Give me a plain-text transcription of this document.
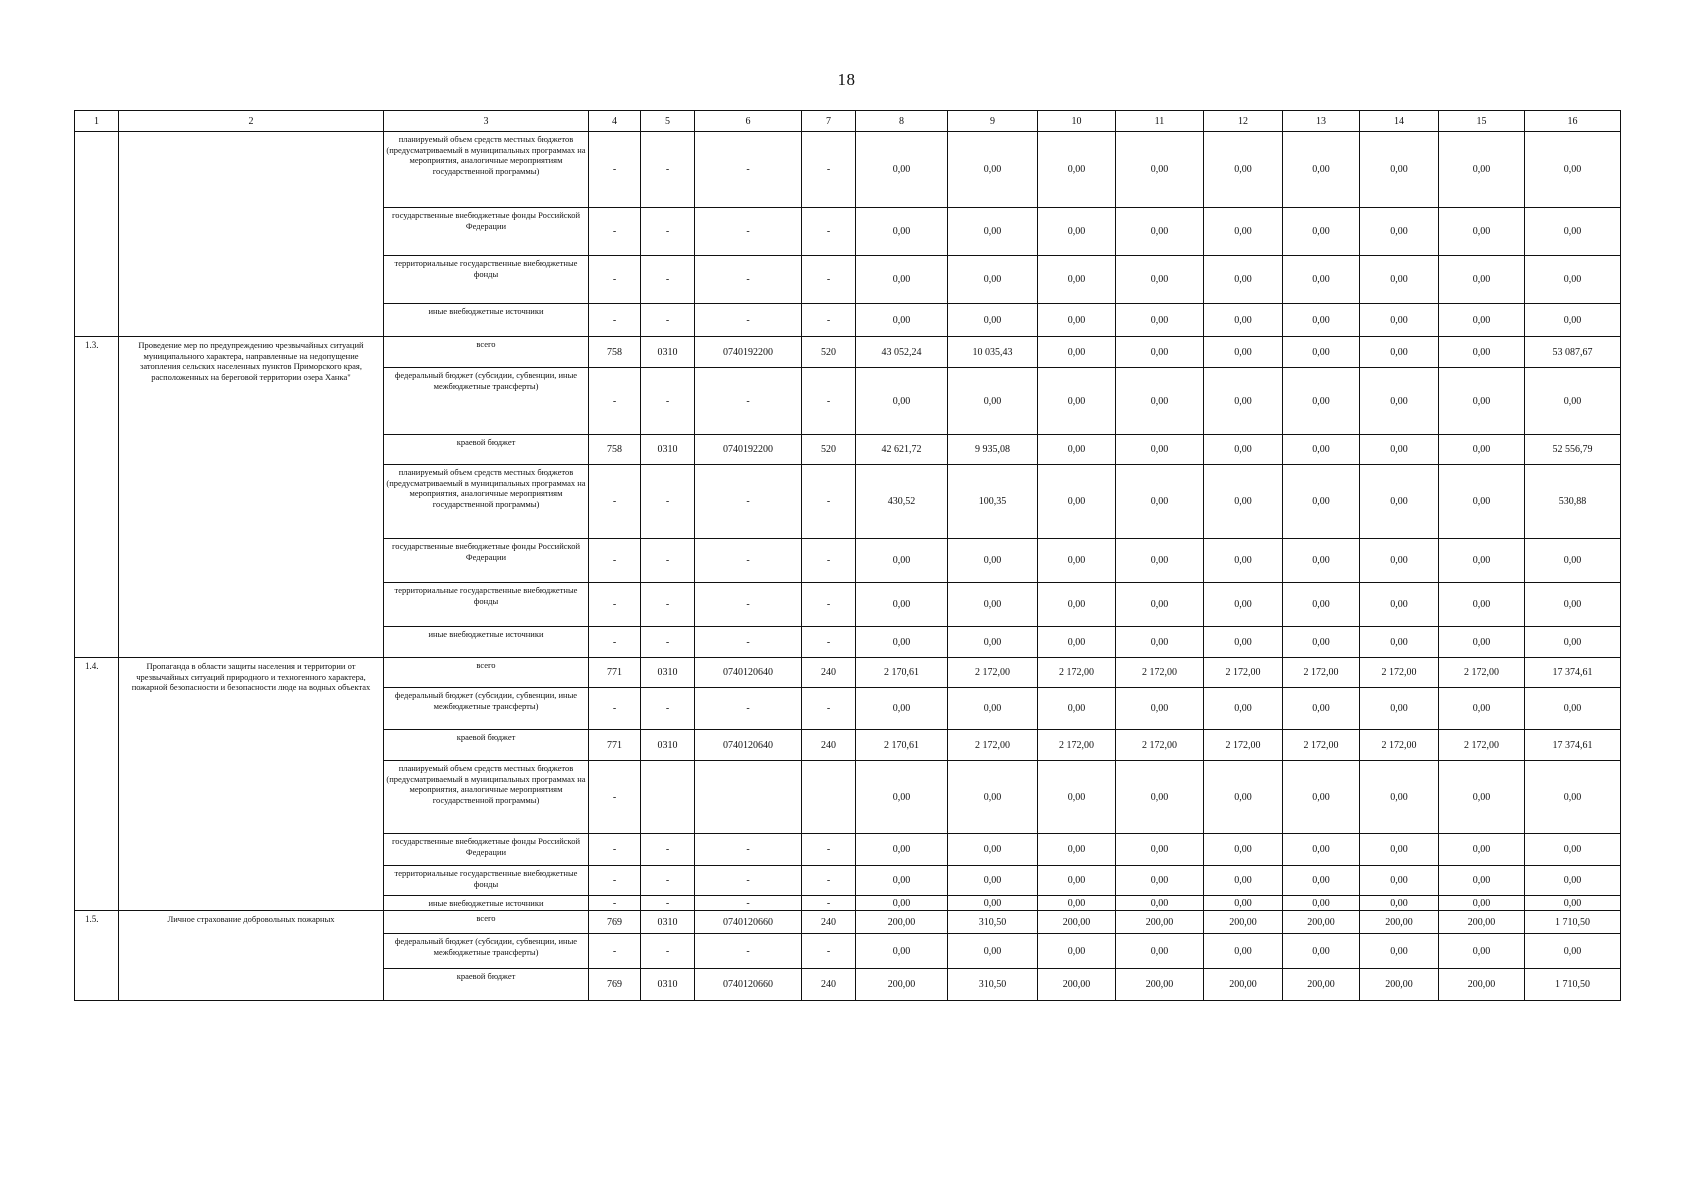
18
1	2	3	4	5	6	7	8	9	10	11	12	13	14	15	16
		планируемый объем средств местных бюджетов (предусматриваемый в муниципальных программах на мероприятия, аналогичные мероприятиям государственной программы)	-	-	-	-	0,00	0,00	0,00	0,00	0,00	0,00	0,00	0,00	0,00
		государственные внебюджетные фонды Российской Федерации	-	-	-	-	0,00	0,00	0,00	0,00	0,00	0,00	0,00	0,00	0,00
		территориальные государственные внебюджетные фонды	-	-	-	-	0,00	0,00	0,00	0,00	0,00	0,00	0,00	0,00	0,00
		иные внебюджетные источники	-	-	-	-	0,00	0,00	0,00	0,00	0,00	0,00	0,00	0,00	0,00
1.3.	Проведение мер по предупреждению чрезвычайных ситуаций муниципального характера, направленные на недопущение затопления сельских населенных пунктов Приморского края, расположенных на береговой территории озера Ханка"	всего	758	0310	0740192200	520	43 052,24	10 035,43	0,00	0,00	0,00	0,00	0,00	0,00	53 087,67
		федеральный бюджет (субсидии, субвенции, иные межбюджетные трансферты)	-	-	-	-	0,00	0,00	0,00	0,00	0,00	0,00	0,00	0,00	0,00
		краевой бюджет	758	0310	0740192200	520	42 621,72	9 935,08	0,00	0,00	0,00	0,00	0,00	0,00	52 556,79
		планируемый объем средств местных бюджетов (предусматриваемый в муниципальных программах на мероприятия, аналогичные мероприятиям государственной программы)	-	-	-	-	430,52	100,35	0,00	0,00	0,00	0,00	0,00	0,00	530,88
		государственные внебюджетные фонды Российской Федерации	-	-	-	-	0,00	0,00	0,00	0,00	0,00	0,00	0,00	0,00	0,00
		территориальные государственные внебюджетные фонды	-	-	-	-	0,00	0,00	0,00	0,00	0,00	0,00	0,00	0,00	0,00
		иные внебюджетные источники	-	-	-	-	0,00	0,00	0,00	0,00	0,00	0,00	0,00	0,00	0,00
1.4.	Пропаганда в области защиты населения и территории от чрезвычайных ситуаций природного и техногенного характера, пожарной безопасности и безопасности люде на водных объектах	всего	771	0310	0740120640	240	2 170,61	2 172,00	2 172,00	2 172,00	2 172,00	2 172,00	2 172,00	2 172,00	17 374,61
		федеральный бюджет (субсидии, субвенции, иные межбюджетные трансферты)	-	-	-	-	0,00	0,00	0,00	0,00	0,00	0,00	0,00	0,00	0,00
		краевой бюджет	771	0310	0740120640	240	2 170,61	2 172,00	2 172,00	2 172,00	2 172,00	2 172,00	2 172,00	2 172,00	17 374,61
		планируемый объем средств местных бюджетов (предусматриваемый в муниципальных программах на мероприятия, аналогичные мероприятиям государственной программы)	-				0,00	0,00	0,00	0,00	0,00	0,00	0,00	0,00	0,00
		государственные внебюджетные фонды Российской Федерации	-	-	-	-	0,00	0,00	0,00	0,00	0,00	0,00	0,00	0,00	0,00
		территориальные государственные внебюджетные фонды	-	-	-	-	0,00	0,00	0,00	0,00	0,00	0,00	0,00	0,00	0,00
		иные внебюджетные источники	-	-	-	-	0,00	0,00	0,00	0,00	0,00	0,00	0,00	0,00	0,00
1.5.	Личное страхование добровольных пожарных	всего	769	0310	0740120660	240	200,00	310,50	200,00	200,00	200,00	200,00	200,00	200,00	1 710,50
		федеральный бюджет (субсидии, субвенции, иные межбюджетные трансферты)	-	-	-	-	0,00	0,00	0,00	0,00	0,00	0,00	0,00	0,00	0,00
		краевой бюджет	769	0310	0740120660	240	200,00	310,50	200,00	200,00	200,00	200,00	200,00	200,00	1 710,50
